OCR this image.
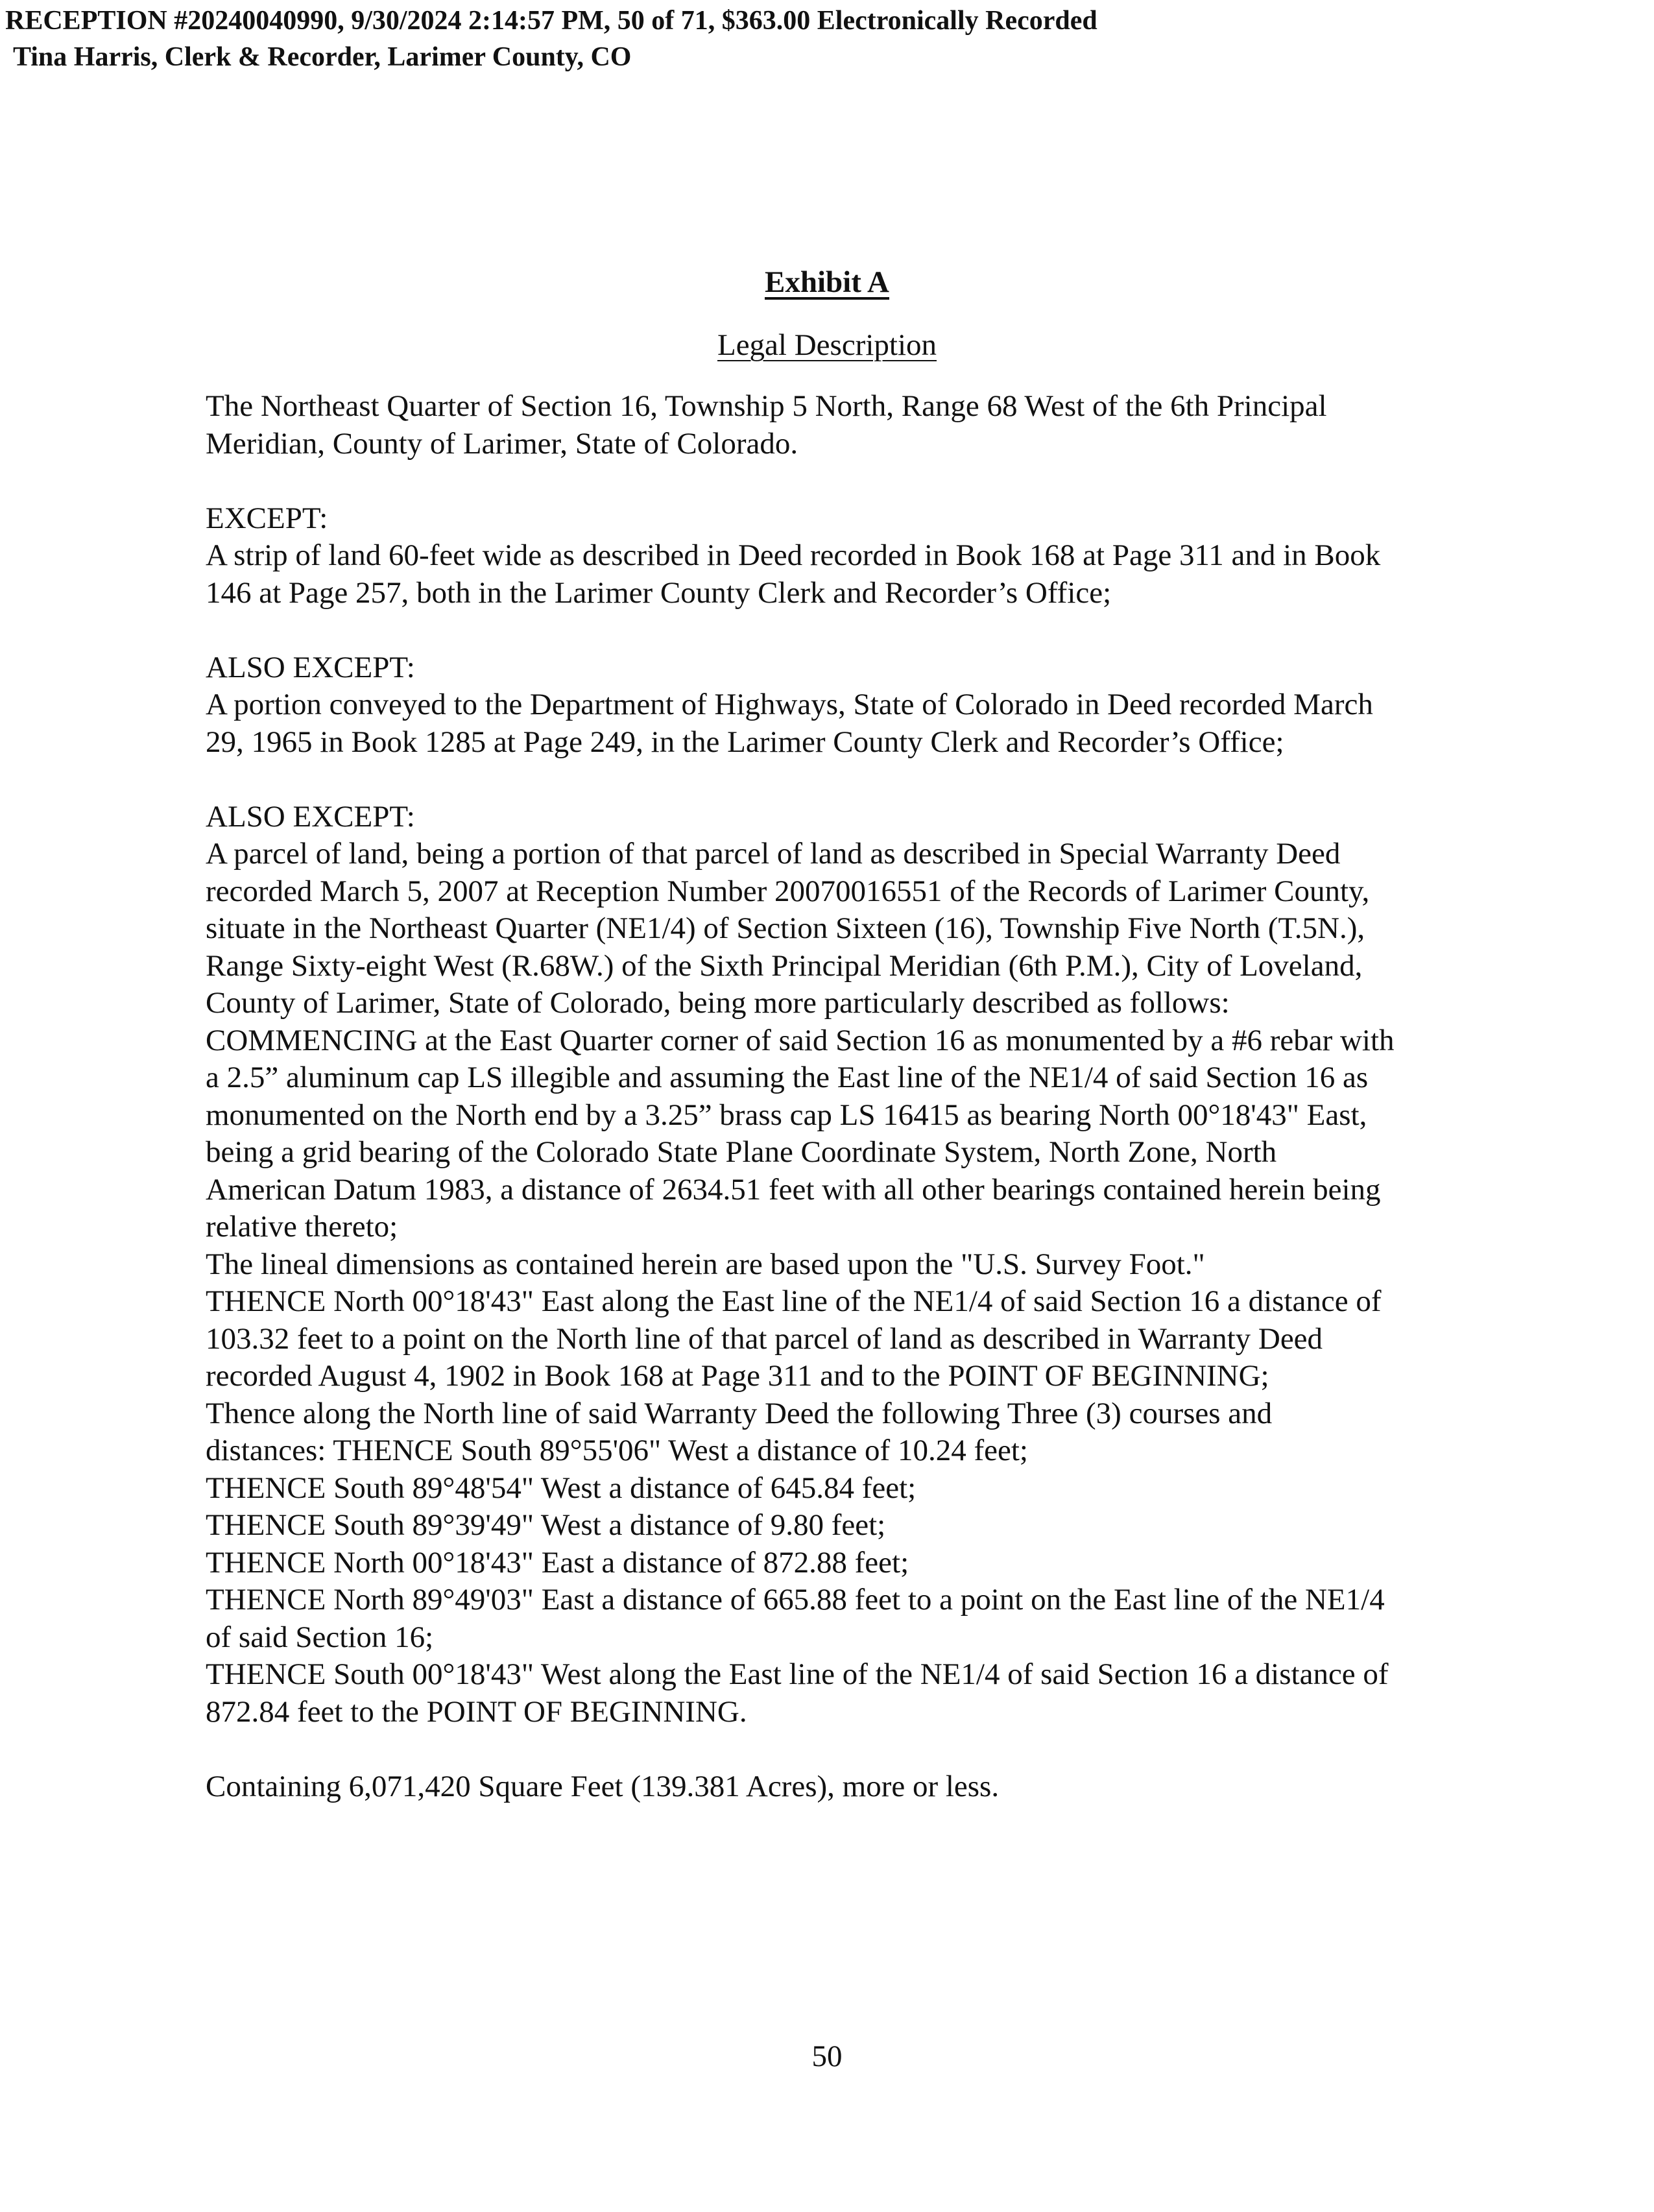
RECEPTION #20240040990, 9/30/2024 2:14:57 PM, 50 of 71, $363.00 Electronically Recorded
Tina Harris, Clerk & Recorder, Larimer County, CO
Exhibit A
Legal Description
The Northeast Quarter of Section 16, Township 5 North, Range 68 West of the 6th Principal
Meridian, County of Larimer, State of Colorado.
EXCEPT:
A strip of land 60-feet wide as described in Deed recorded in Book 168 at Page 311 and in Book
146 at Page 257, both in the Larimer County Clerk and Recorder’s Office;
ALSO EXCEPT:
A portion conveyed to the Department of Highways, State of Colorado in Deed recorded March
29, 1965 in Book 1285 at Page 249, in the Larimer County Clerk and Recorder’s Office;
ALSO EXCEPT:
A parcel of land, being a portion of that parcel of land as described in Special Warranty Deed
recorded March 5, 2007 at Reception Number 20070016551 of the Records of Larimer County,
situate in the Northeast Quarter (NE1/4) of Section Sixteen (16), Township Five North (T.5N.),
Range Sixty-eight West (R.68W.) of the Sixth Principal Meridian (6th P.M.), City of Loveland,
County of Larimer, State of Colorado, being more particularly described as follows:
COMMENCING at the East Quarter corner of said Section 16 as monumented by a #6 rebar with
a 2.5” aluminum cap LS illegible and assuming the East line of the NE1/4 of said Section 16 as
monumented on the North end by a 3.25” brass cap LS 16415 as bearing North 00°18'43" East,
being a grid bearing of the Colorado State Plane Coordinate System, North Zone, North
American Datum 1983, a distance of 2634.51 feet with all other bearings contained herein being
relative thereto;
The lineal dimensions as contained herein are based upon the "U.S. Survey Foot."
THENCE North 00°18'43" East along the East line of the NE1/4 of said Section 16 a distance of
103.32 feet to a point on the North line of that parcel of land as described in Warranty Deed
recorded August 4, 1902 in Book 168 at Page 311 and to the POINT OF BEGINNING;
Thence along the North line of said Warranty Deed the following Three (3) courses and
distances: THENCE South 89°55'06" West a distance of 10.24 feet;
THENCE South 89°48'54" West a distance of 645.84 feet;
THENCE South 89°39'49" West a distance of 9.80 feet;
THENCE North 00°18'43" East a distance of 872.88 feet;
THENCE North 89°49'03" East a distance of 665.88 feet to a point on the East line of the NE1/4
of said Section 16;
THENCE South 00°18'43" West along the East line of the NE1/4 of said Section 16 a distance of
872.84 feet to the POINT OF BEGINNING.
Containing 6,071,420 Square Feet (139.381 Acres), more or less.
50
